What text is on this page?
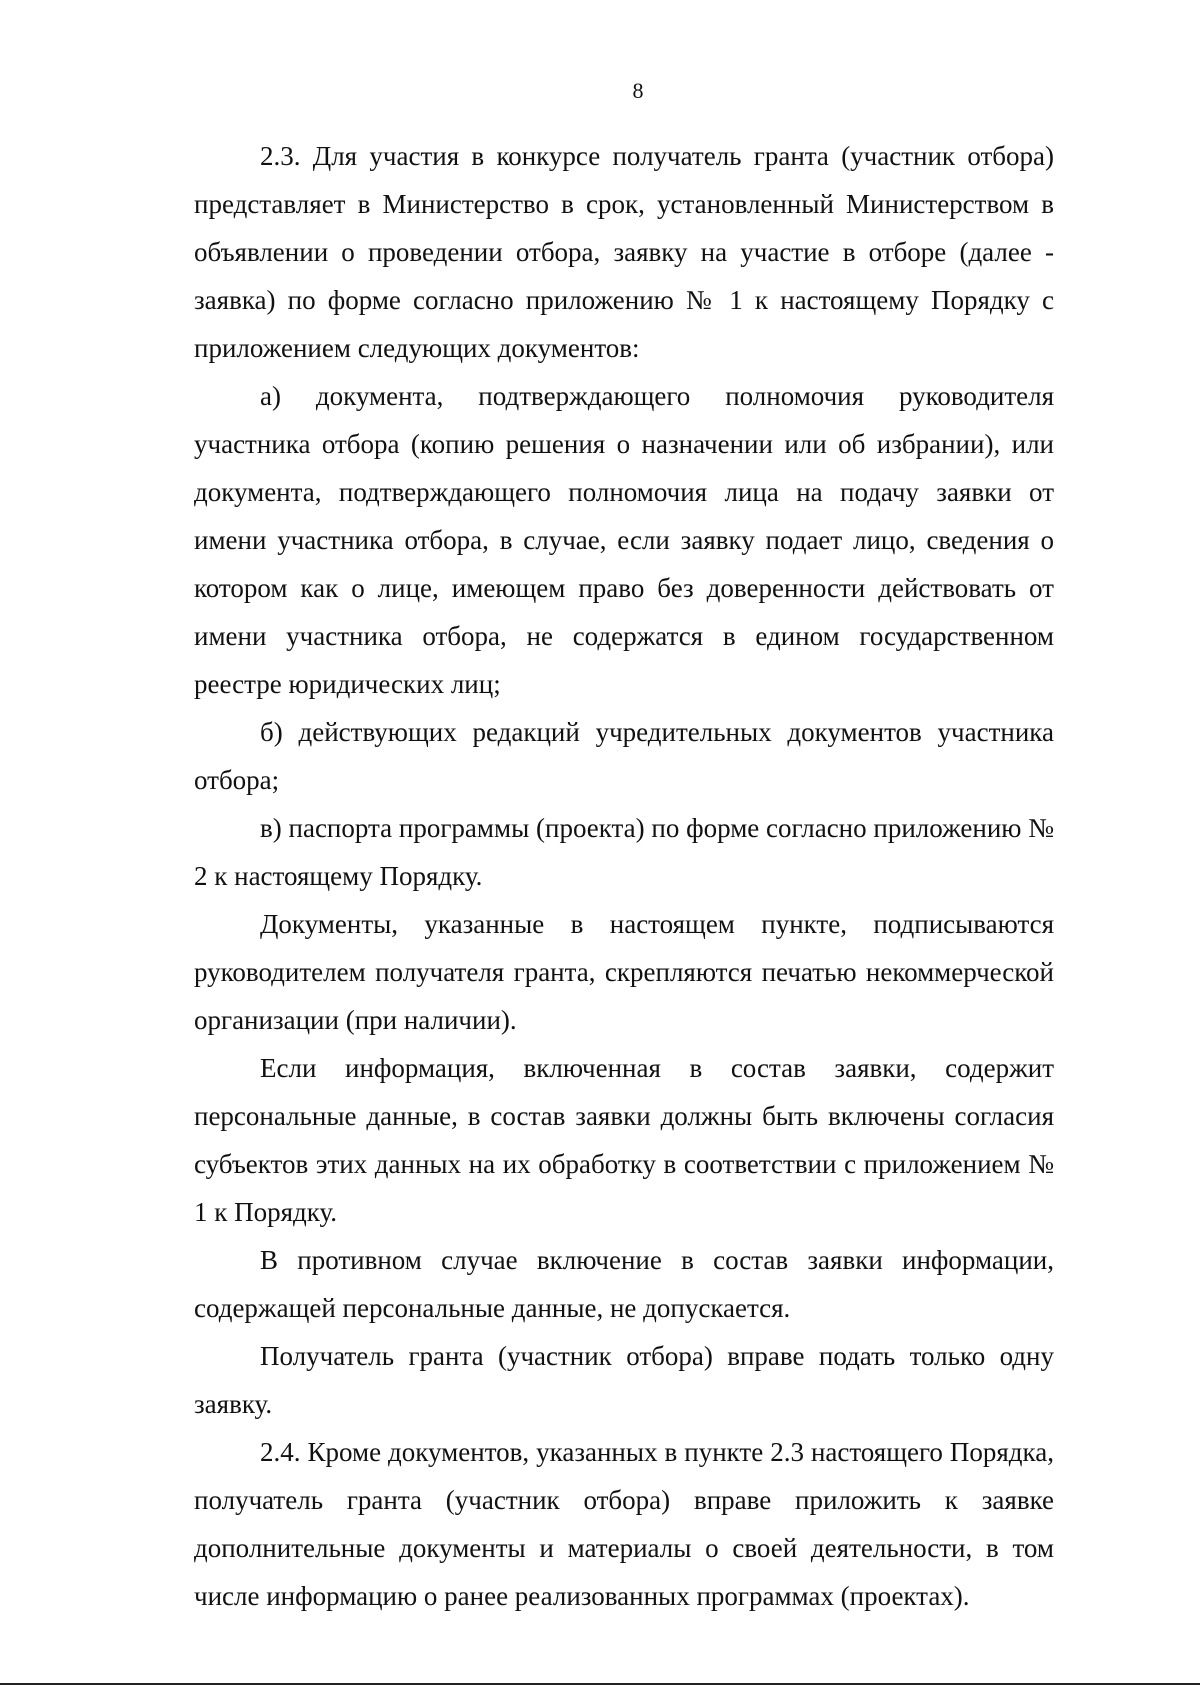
8

2.3. Для участия в конкурсе получатель гранта (участник отбора) представляет в Министерство в срок, установленный Министерством в объявлении о проведении отбора, заявку на участие в отборе (далее - заявка) по форме согласно приложению № 1 к настоящему Порядку с приложением следующих документов:

а) документа, подтверждающего полномочия руководителя участника отбора (копию решения о назначении или об избрании), или документа, подтверждающего полномочия лица на подачу заявки от имени участника отбора, в случае, если заявку подает лицо, сведения о котором как о лице, имеющем право без доверенности действовать от имени участника отбора, не содержатся в едином государственном реестре юридических лиц;

б) действующих редакций учредительных документов участника отбора;

в) паспорта программы (проекта) по форме согласно приложению № 2 к настоящему Порядку.

Документы, указанные в настоящем пункте, подписываются руководителем получателя гранта, скрепляются печатью некоммерческой организации (при наличии).

Если информация, включенная в состав заявки, содержит персональные данные, в состав заявки должны быть включены согласия субъектов этих данных на их обработку в соответствии с приложением № 1 к Порядку.

В противном случае включение в состав заявки информации, содержащей персональные данные, не допускается.

Получатель гранта (участник отбора) вправе подать только одну заявку.

2.4. Кроме документов, указанных в пункте 2.3 настоящего Порядка, получатель гранта (участник отбора) вправе приложить к заявке дополнительные документы и материалы о своей деятельности, в том числе информацию о ранее реализованных программах (проектах).
